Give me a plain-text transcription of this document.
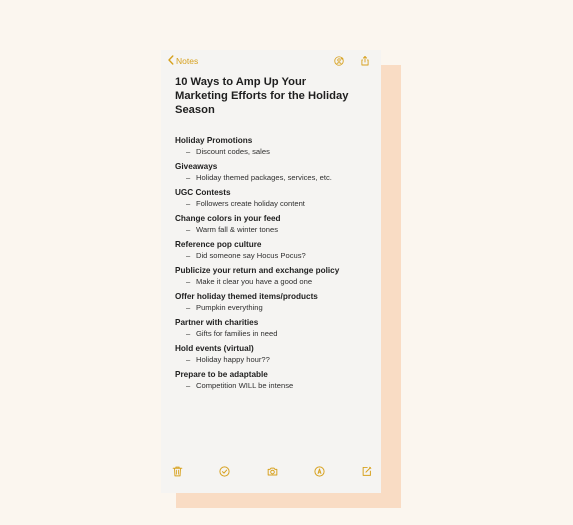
Notes
10 Ways to Amp Up Your
Marketing Efforts for the Holiday
Season
Holiday Promotions
– Discount codes, sales
Giveaways
– Holiday themed packages, services, etc.
UGC Contests
– Followers create holiday content
Change colors in your feed
– Warm fall & winter tones
Reference pop culture
– Did someone say Hocus Pocus?
Publicize your return and exchange policy
– Make it clear you have a good one
Offer holiday themed items/products
– Pumpkin everything
Partner with charities
– Gifts for families in need
Hold events (virtual)
– Holiday happy hour??
Prepare to be adaptable
– Competition WILL be intense
